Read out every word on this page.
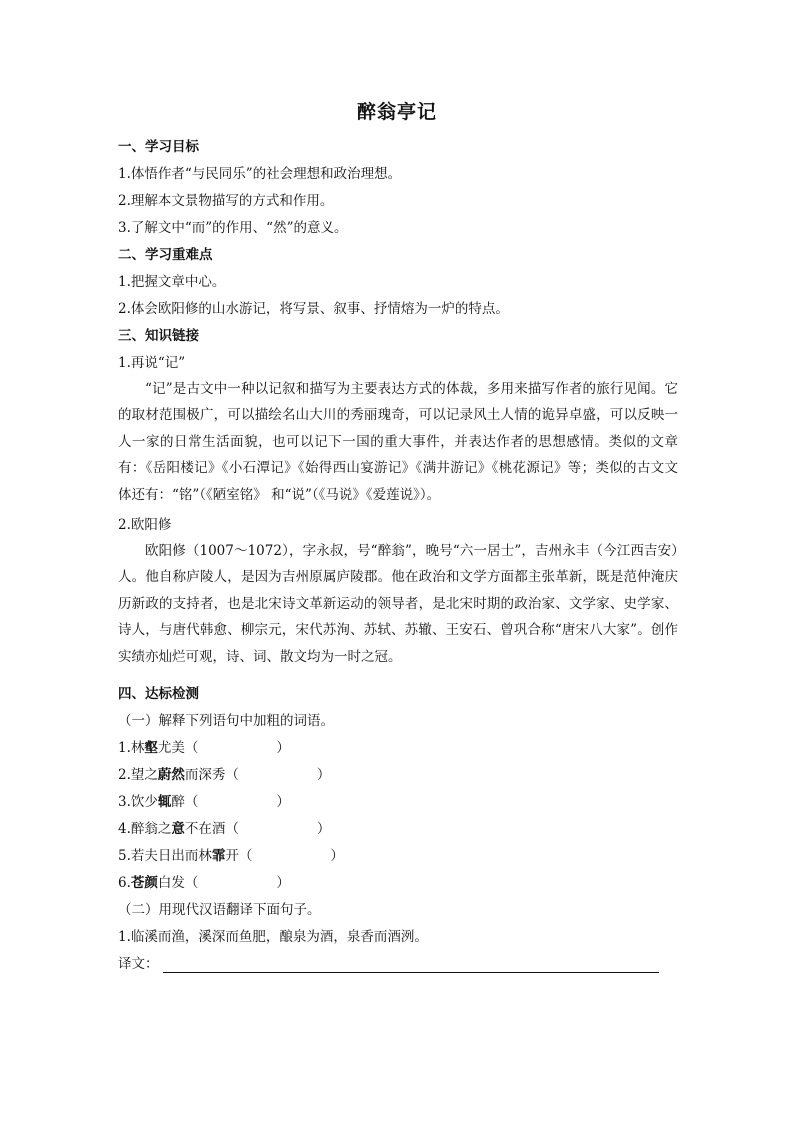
醉翁亭记
一、学习目标
1.体悟作者“与民同乐”的社会理想和政治理想。
2.理解本文景物描写的方式和作用。
3.了解文中“而”的作用、“然”的意义。
二、学习重难点
1.把握文章中心。
2.体会欧阳修的山水游记，将写景、叙事、抒情熔为一炉的特点。
三、知识链接
1.再说“记”
“记”是古文中一种以记叙和描写为主要表达方式的体裁，多用来描写作者的旅行见闻。它的取材范围极广，可以描绘名山大川的秀丽瑰奇，可以记录风土人情的诡异卓盛，可以反映一人一家的日常生活面貌，也可以记下一国的重大事件，并表达作者的思想感情。类似的文章有：《岳阳楼记》《小石潭记》《始得西山宴游记》《满井游记》《桃花源记》等；类似的古文文体还有：“铭”（《陋室铭》 和“说”（《马说》《爱莲说》）。
2.欧阳修
欧阳修（1007～1072），字永叔，号“醉翁”，晚号“六一居士”，吉州永丰（今江西吉安）人。他自称庐陵人，是因为吉州原属庐陵郡。他在政治和文学方面都主张革新，既是范仲淹庆历新政的支持者，也是北宋诗文革新运动的领导者，是北宋时期的政治家、文学家、史学家、诗人，与唐代韩愈、柳宗元，宋代苏洵、苏轼、苏辙、王安石、曾巩合称“唐宋八大家”。创作实绩亦灿烂可观，诗、词、散文均为一时之冠。
四、达标检测
（一）解释下列语句中加粗的词语。
1.林壑尤美（	）
2.望之蔚然而深秀（	）
3.饮少辄醉（	）
4.醉翁之意不在酒（	）
5.若夫日出而林霏开（	）
6.苍颜白发（	）
（二）用现代汉语翻译下面句子。
1.临溪而渔，溪深而鱼肥，酿泉为酒，泉香而酒洌。
译文：
